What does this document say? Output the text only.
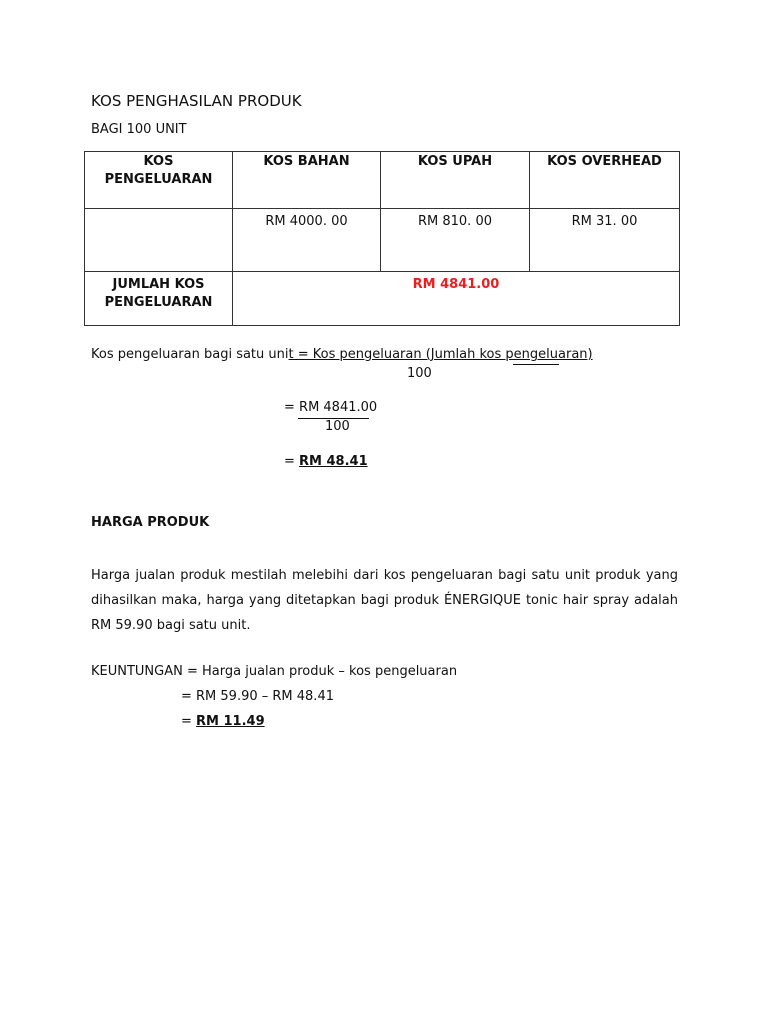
KOS PENGHASILAN PRODUK
BAGI 100 UNIT
KOS
PENGELUARAN	KOS BAHAN	KOS UPAH	KOS OVERHEAD
	RM 4000. 00	RM 810. 00	RM 31. 00

JUMLAH KOS
PENGELUARAN	RM 4841.00		
Kos pengeluaran bagi satu unit = Kos pengeluaran (Jumlah kos pengeluaran)
100
= RM 4841.00
100
= RM 48.41
HARGA PRODUK
Harga jualan produk mestilah melebihi dari kos pengeluaran bagi satu unit produk yang dihasilkan maka, harga yang ditetapkan bagi produk ÉNERGIQUE tonic hair spray adalah RM 59.90 bagi satu unit.
KEUNTUNGAN = Harga jualan produk – kos pengeluaran
= RM 59.90 – RM 48.41
= RM 11.49
